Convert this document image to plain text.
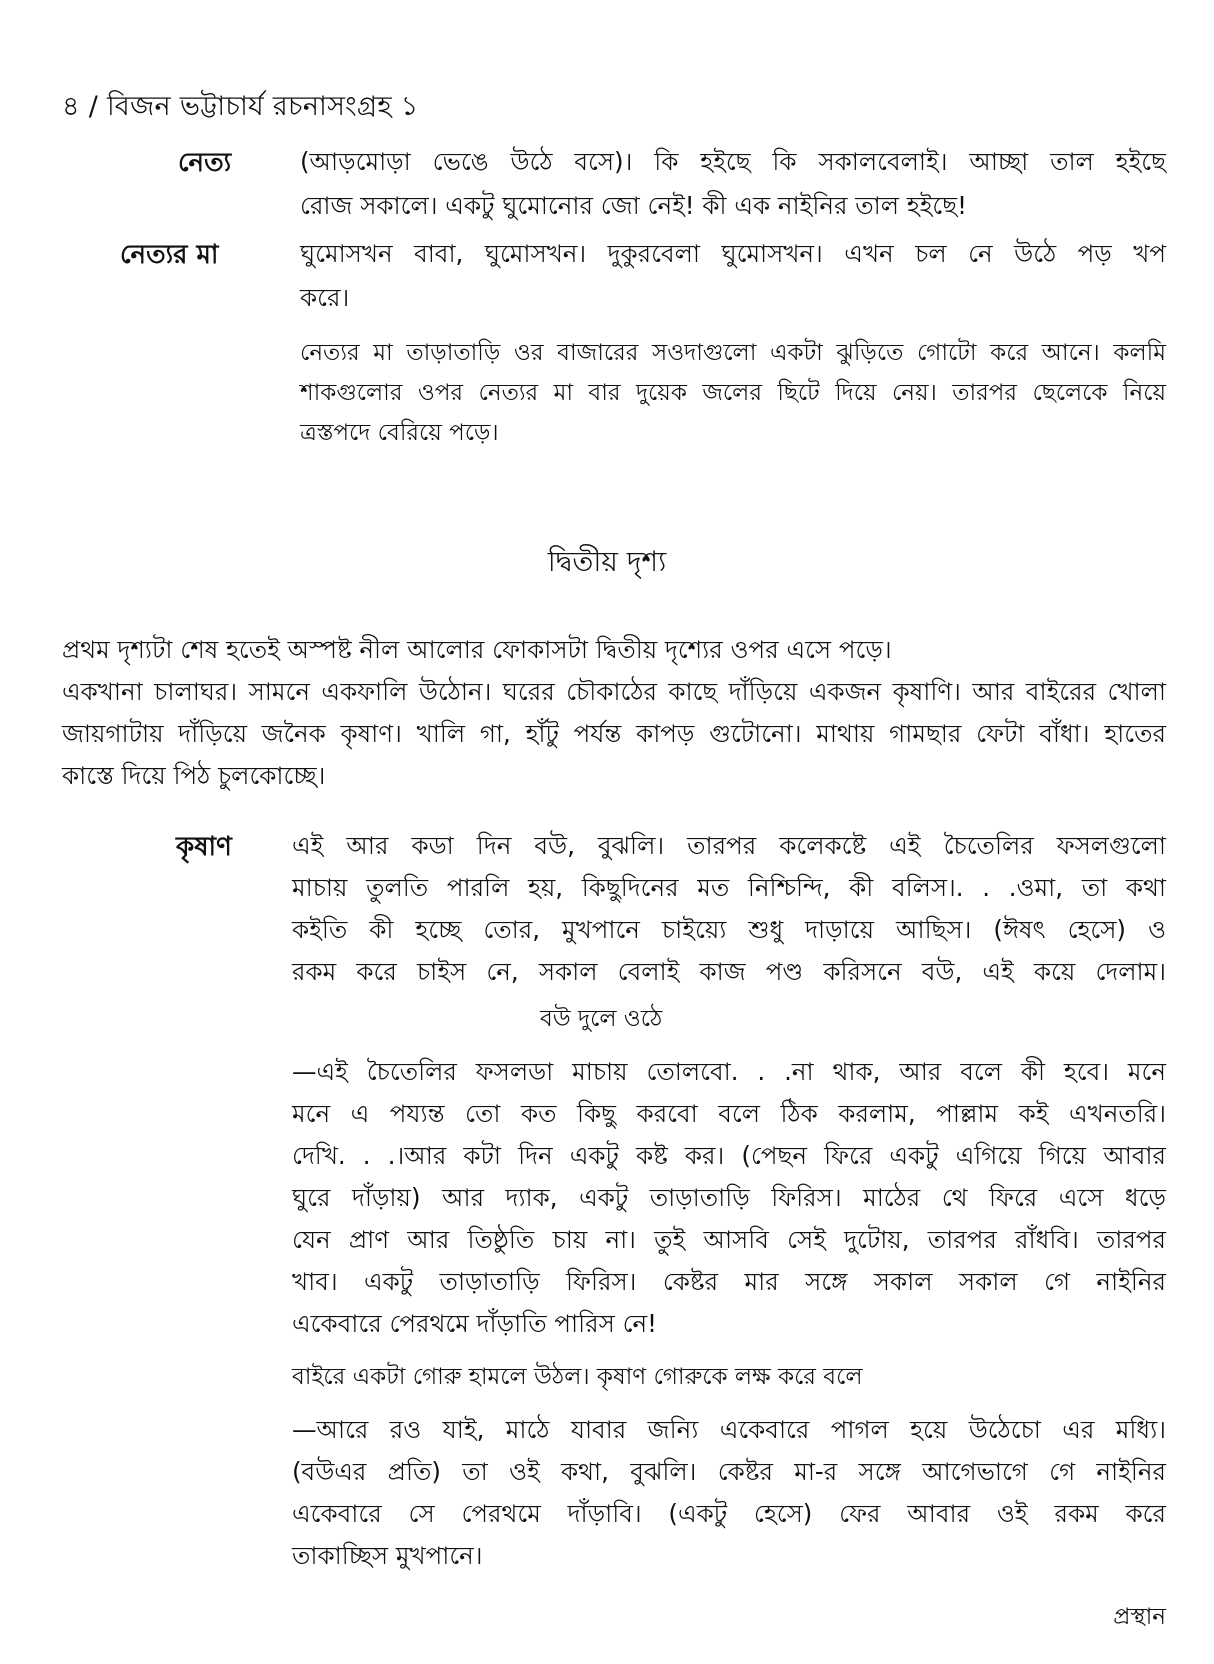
৪ / বিজন ভট্টাচার্য রচনাসংগ্রহ ১
নেত্য	(আড়মোড়া ভেঙে উঠে বসে)। কি হইছে কি সকালবেলাই। আচ্ছা তাল হইছে
রোজ সকালে। একটু ঘুমোনোর জো নেই! কী এক নাইনির তাল হইছে!
নেত্যর মা	ঘুমোসখন বাবা, ঘুমোসখন। দুকুরবেলা ঘুমোসখন। এখন চল নে উঠে পড় খপ
করে।
নেত্যর মা তাড়াতাড়ি ওর বাজারের সওদাগুলো একটা ঝুড়িতে গোটো করে আনে। কলমি
শাকগুলোর ওপর নেত্যর মা বার দুয়েক জলের ছিটে দিয়ে নেয়। তারপর ছেলেকে নিয়ে
ত্রস্তপদে বেরিয়ে পড়ে।
দ্বিতীয় দৃশ্য
প্রথম দৃশ্যটা শেষ হতেই অস্পষ্ট নীল আলোর ফোকাসটা দ্বিতীয় দৃশ্যের ওপর এসে পড়ে।
একখানা চালাঘর। সামনে একফালি উঠোন। ঘরের চৌকাঠের কাছে দাঁড়িয়ে একজন কৃষাণি। আর বাইরের খোলা
জায়গাটায় দাঁড়িয়ে জনৈক কৃষাণ। খালি গা, হাঁটু পর্যন্ত কাপড় গুটোনো। মাথায় গামছার ফেটা বাঁধা। হাতের
কাস্তে দিয়ে পিঠ চুলকোচ্ছে।
কৃষাণ এই আর কডা দিন বউ, বুঝলি। তারপর কলেকষ্টে এই চৈতেলির ফসলগুলো
মাচায় তুলতি পারলি হয়, কিছুদিনের মত নিশ্চিন্দি, কী বলিস।. . .ওমা, তা কথা
কইতি কী হচ্ছে তোর, মুখপানে চাইয়্যে শুধু দাড়ায়ে আছিস। (ঈষৎ হেসে) ও
রকম করে চাইস নে, সকাল বেলাই কাজ পণ্ড করিসনে বউ, এই কয়ে দেলাম।
বউ দুলে ওঠে
—এই চৈতেলির ফসলডা মাচায় তোলবো. . .না থাক, আর বলে কী হবে। মনে
মনে এ পয্যন্ত তো কত কিছু করবো বলে ঠিক করলাম, পাল্লাম কই এখনতরি।
দেখি. . .।আর কটা দিন একটু কষ্ট কর। (পেছন ফিরে একটু এগিয়ে গিয়ে আবার
ঘুরে দাঁড়ায়) আর দ্যাক, একটু তাড়াতাড়ি ফিরিস। মাঠের থে ফিরে এসে ধড়ে
যেন প্রাণ আর তিষ্ঠুতি চায় না। তুই আসবি সেই দুটোয়, তারপর রাঁধবি। তারপর
খাব। একটু তাড়াতাড়ি ফিরিস। কেষ্টর মার সঙ্গে সকাল সকাল গে নাইনির
একেবারে পেরথমে দাঁড়াতি পারিস নে!
বাইরে একটা গোরু হামলে উঠল। কৃষাণ গোরুকে লক্ষ করে বলে
—আরে রও যাই, মাঠে যাবার জন্যি একেবারে পাগল হয়ে উঠেচো এর মধ্যি।
(বউএর প্রতি) তা ওই কথা, বুঝলি। কেষ্টর মা-র সঙ্গে আগেভাগে গে নাইনির
একেবারে সে পেরথমে দাঁড়াবি। (একটু হেসে) ফের আবার ওই রকম করে
তাকাচ্ছিস মুখপানে।
প্রস্থান
